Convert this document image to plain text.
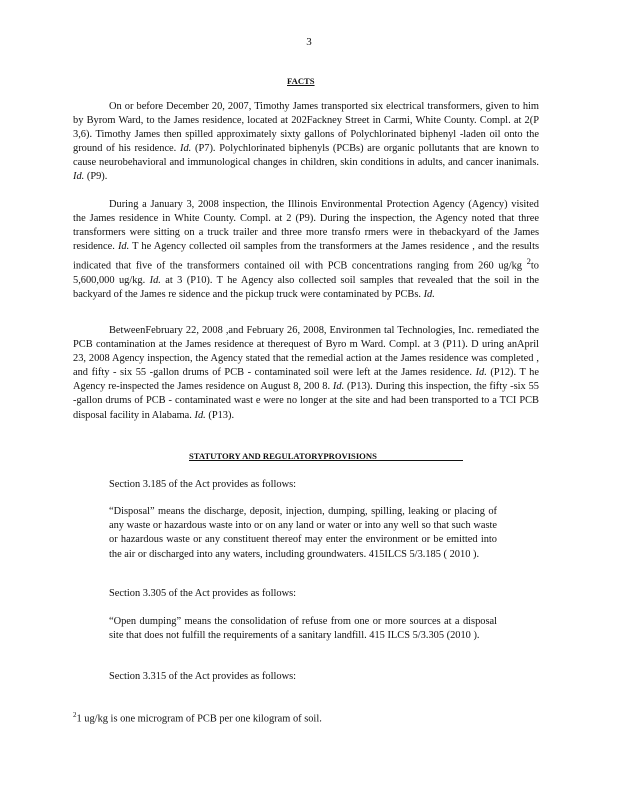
3
FACTS

On or before December 20, 2007, Timothy James transported six electrical transformers, given to him by Byrom Ward, to the James residence, located at 202Fackney Street in Carmi, White County. Compl. at 2(P 3,6). Timothy James then spilled approximately sixty gallons of Polychlorinated biphenyl -laden oil onto the ground of his residence. Id. (P7). Polychlorinated biphenyls (PCBs) are organic pollutants that are known to cause neurobehavioral and immunological changes in children, skin conditions in adults, and cancer inanimals. Id. (P9).

During a January 3, 2008 inspection, the Illinois Environmental Protection Agency (Agency) visited the James residence in White County. Compl. at 2 (P9). During the inspection, the Agency noted that three transformers were sitting on a truck trailer and three more transfo rmers were in thebackyard of the James residence. Id. T he Agency collected oil samples from the transformers at the James residence , and the results indicated that five of the transformers contained oil with PCB concentrations ranging from 260 ug/kg $^2$to 5,600,000 ug/kg. Id. at 3 (P10). T he Agency also collected soil samples that revealed that the soil in the backyard of the James re sidence and the pickup truck were contaminated by PCBs. Id.

BetweenFebruary 22, 2008 ,and February 26, 2008, Environmen tal Technologies, Inc. remediated the PCB contamination at the James residence at therequest of Byro m Ward. Compl. at 3 (P11). D uring anApril 23, 2008 Agency inspection, the Agency stated that the remedial action at the James residence was completed , and fifty - six 55 -gallon drums of PCB - contaminated soil were left at the James residence. Id. (P12). T he Agency re-inspected the James residence on August 8, 200 8. Id. (P13). During this inspection, the fifty -six 55 -gallon drums of PCB - contaminated wast e were no longer at the site and had been transported to a TCI PCB disposal facility in Alabama. Id. (P13).

STATUTORY AND REGULATORYPROVISIONS
Section 3.185 of the Act provides as follows:
“Disposal” means the discharge, deposit, injection, dumping, spilling, leaking or placing of any waste or hazardous waste into or on any land or water or into any well so that such waste or hazardous waste or any constituent thereof may enter the environment or be emitted into the air or discharged into any waters, including groundwaters. 415ILCS 5/3.185 ( 2010 ).
Section 3.305 of the Act provides as follows:
“Open dumping” means the consolidation of refuse from one or more sources at a disposal site that does not fulfill the requirements of a sanitary landfill. 415 ILCS 5/3.305 (2010 ).
Section 3.315 of the Act provides as follows:
$^2$1 ug/kg is one microgram of PCB per one kilogram of soil.
